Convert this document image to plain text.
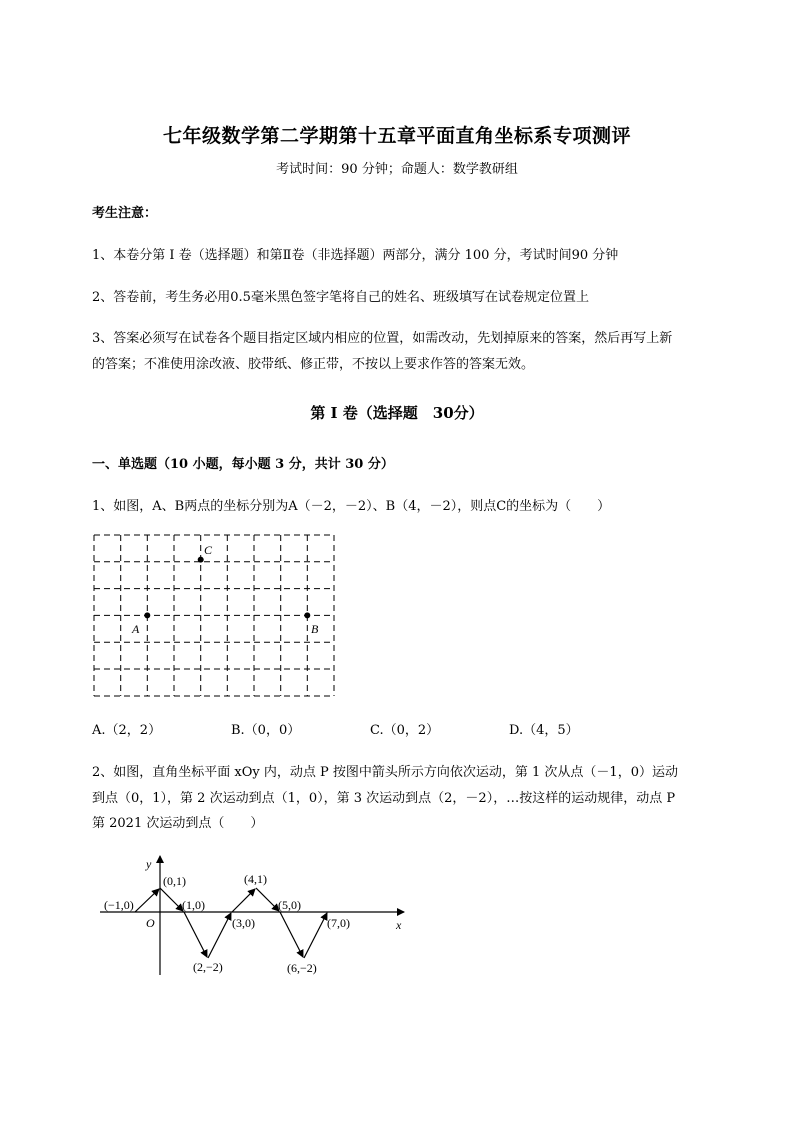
七年级数学第二学期第十五章平面直角坐标系专项测评
考试时间：90 分钟；命题人：数学教研组
考生注意：
1、本卷分第 I 卷（选择题）和第Ⅱ卷（非选择题）两部分，满分 100 分，考试时间90 分钟
2、答卷前，考生务必用0.5毫米黑色签字笔将自己的姓名、班级填写在试卷规定位置上
3、答案必须写在试卷各个题目指定区域内相应的位置，如需改动，先划掉原来的答案，然后再写上新
的答案；不准使用涂改液、胶带纸、修正带，不按以上要求作答的答案无效。
第 I 卷（选择题　30分）
一、单选题（10 小题，每小题 3 分，共计 30 分）
1、如图，A、B两点的坐标分别为A（－2，－2）、B（4，－2），则点C的坐标为（　　）
C
A	B
A.（2，2）	B.（0，0）	C.（0，2）	D.（4，5）
2、如图，直角坐标平面 xOy 内，动点 P 按图中箭头所示方向依次运动，第 1 次从点（－1，0）运动
到点（0，1），第 2 次运动到点（1，0），第 3 次运动到点（2，－2），…按这样的运动规律，动点 P
第 2021 次运动到点（　　）
y
x
O
(−1,0)
(0,1)
(1,0)
(2,−2)
(3,0)
(4,1)
(5,0)
(6,−2)
(7,0)
